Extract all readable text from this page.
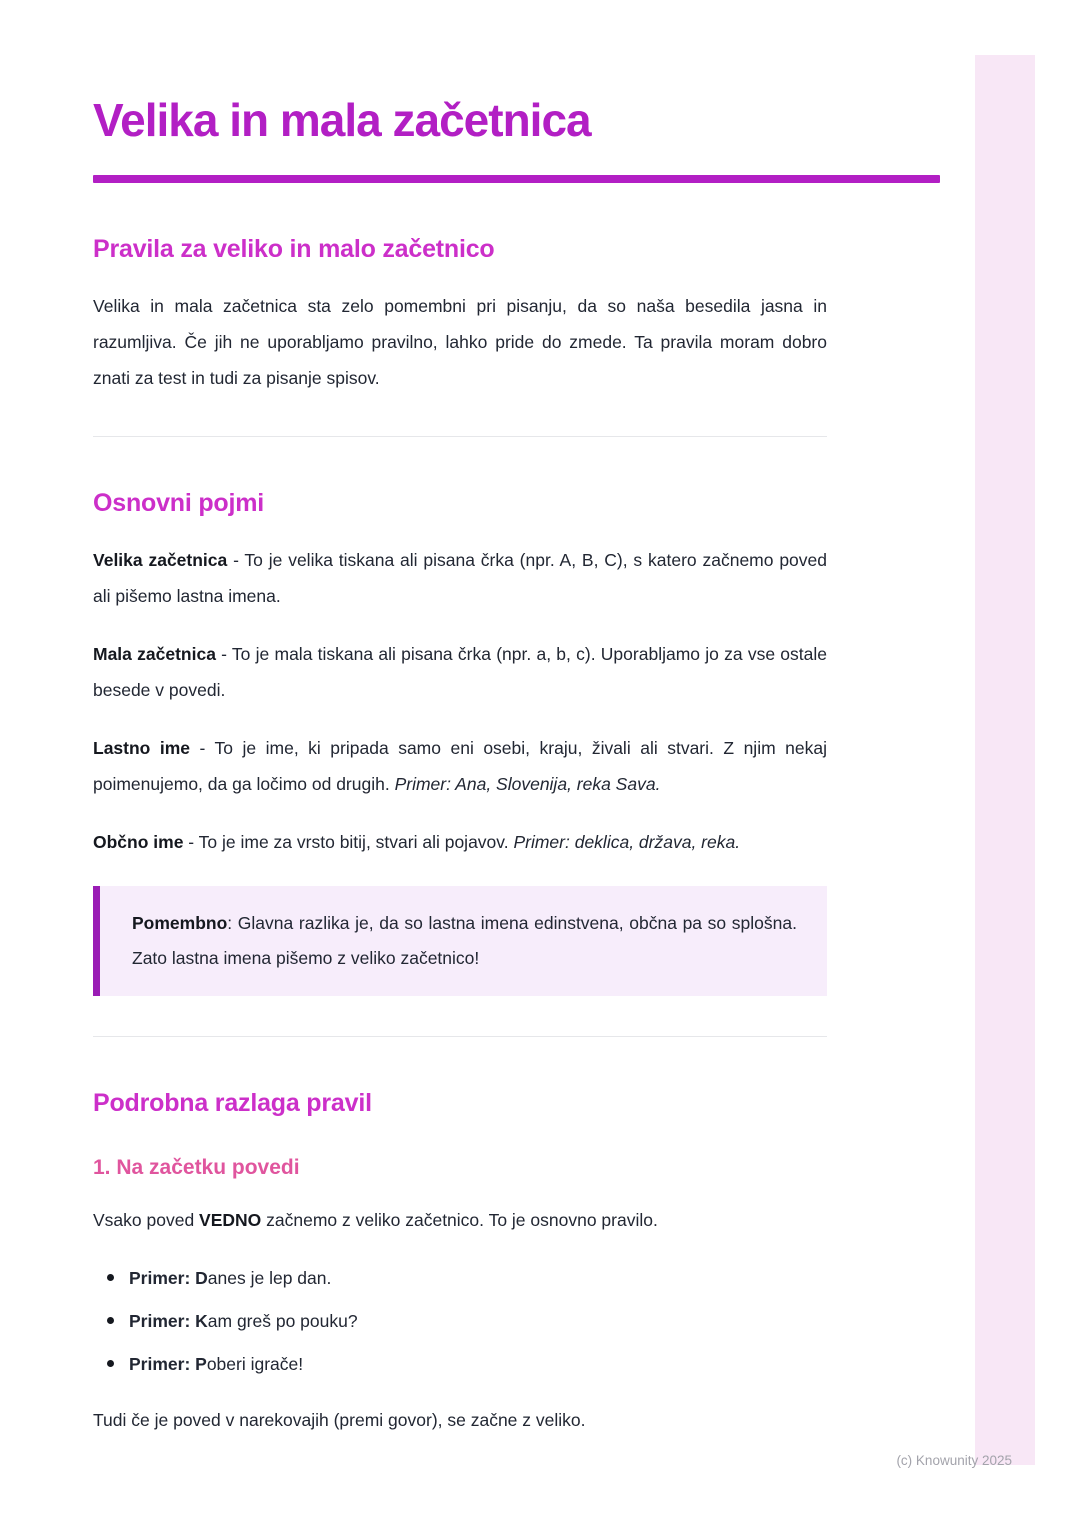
Velika in mala začetnica
Pravila za veliko in malo začetnico

Velika in mala začetnica sta zelo pomembni pri pisanju, da so naša besedila jasna in razumljiva. Če jih ne uporabljamo pravilno, lahko pride do zmede. Ta pravila moram dobro znati za test in tudi za pisanje spisov.

Osnovni pojmi

Velika začetnica - To je velika tiskana ali pisana črka (npr. A, B, C), s katero začnemo poved ali pišemo lastna imena.

Mala začetnica - To je mala tiskana ali pisana črka (npr. a, b, c). Uporabljamo jo za vse ostale besede v povedi.

Lastno ime - To je ime, ki pripada samo eni osebi, kraju, živali ali stvari. Z njim nekaj poimenujemo, da ga ločimo od drugih. Primer: Ana, Slovenija, reka Sava.

Občno ime - To je ime za vrsto bitij, stvari ali pojavov. Primer: deklica, država, reka.

Pomembno: Glavna razlika je, da so lastna imena edinstvena, občna pa so splošna. Zato lastna imena pišemo z veliko začetnico!

Podrobna razlaga pravil
1. Na začetku povedi

Vsako poved VEDNO začnemo z veliko začetnico. To je osnovno pravilo.

Primer: Danes je lep dan.
Primer: Kam greš po pouku?
Primer: Poberi igrače!

Tudi če je poved v narekovajih (premi govor), se začne z veliko.

(c) Knowunity 2025
